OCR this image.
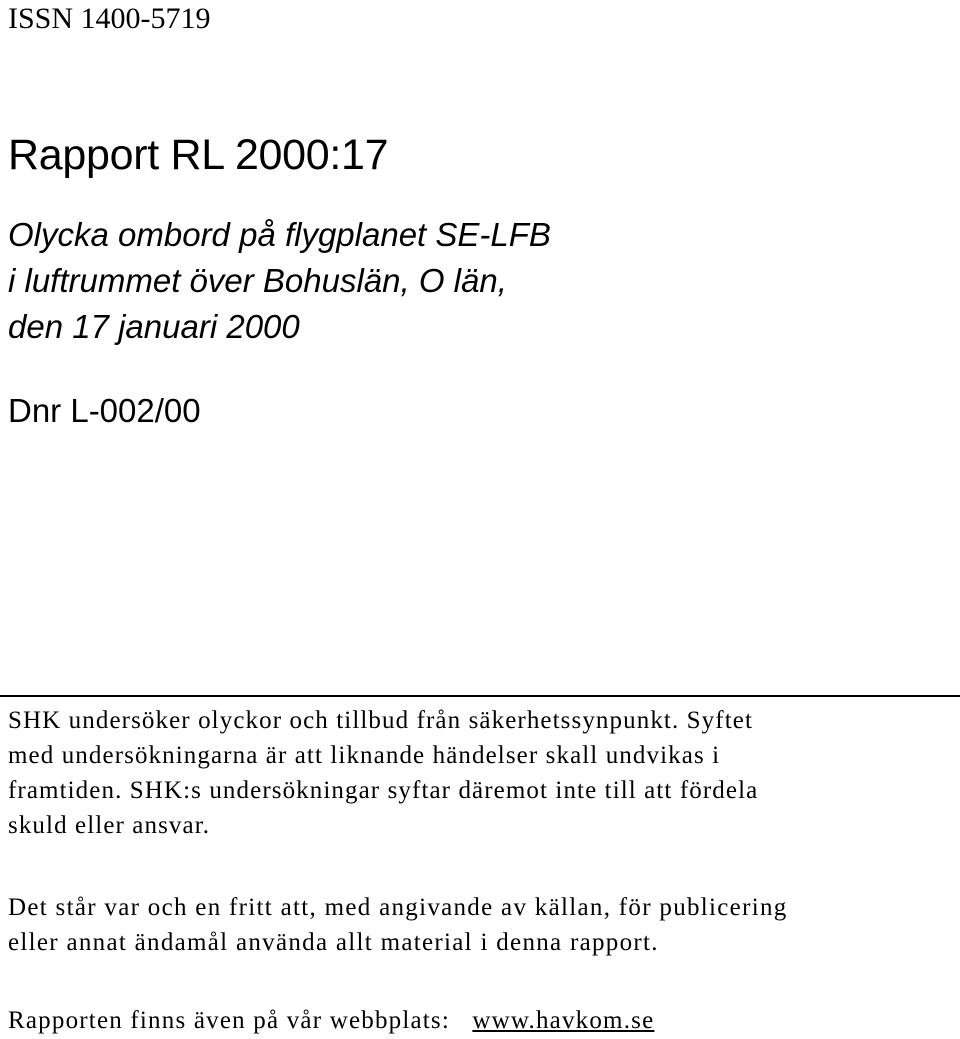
ISSN 1400-5719
Rapport RL 2000:17
Olycka ombord på flygplanet SE-LFB
i luftrummet över Bohuslän, O län,
den 17 januari 2000
Dnr L-002/00
SHK undersöker olyckor och tillbud från säkerhetssynpunkt. Syftet
med undersökningarna är att liknande händelser skall undvikas i
framtiden. SHK:s undersökningar syftar däremot inte till att fördela
skuld eller ansvar.
Det står var och en fritt att, med angivande av källan, för publicering
eller annat ändamål använda allt material i denna rapport.
Rapporten finns även på vår webbplats: www.havkom.se
